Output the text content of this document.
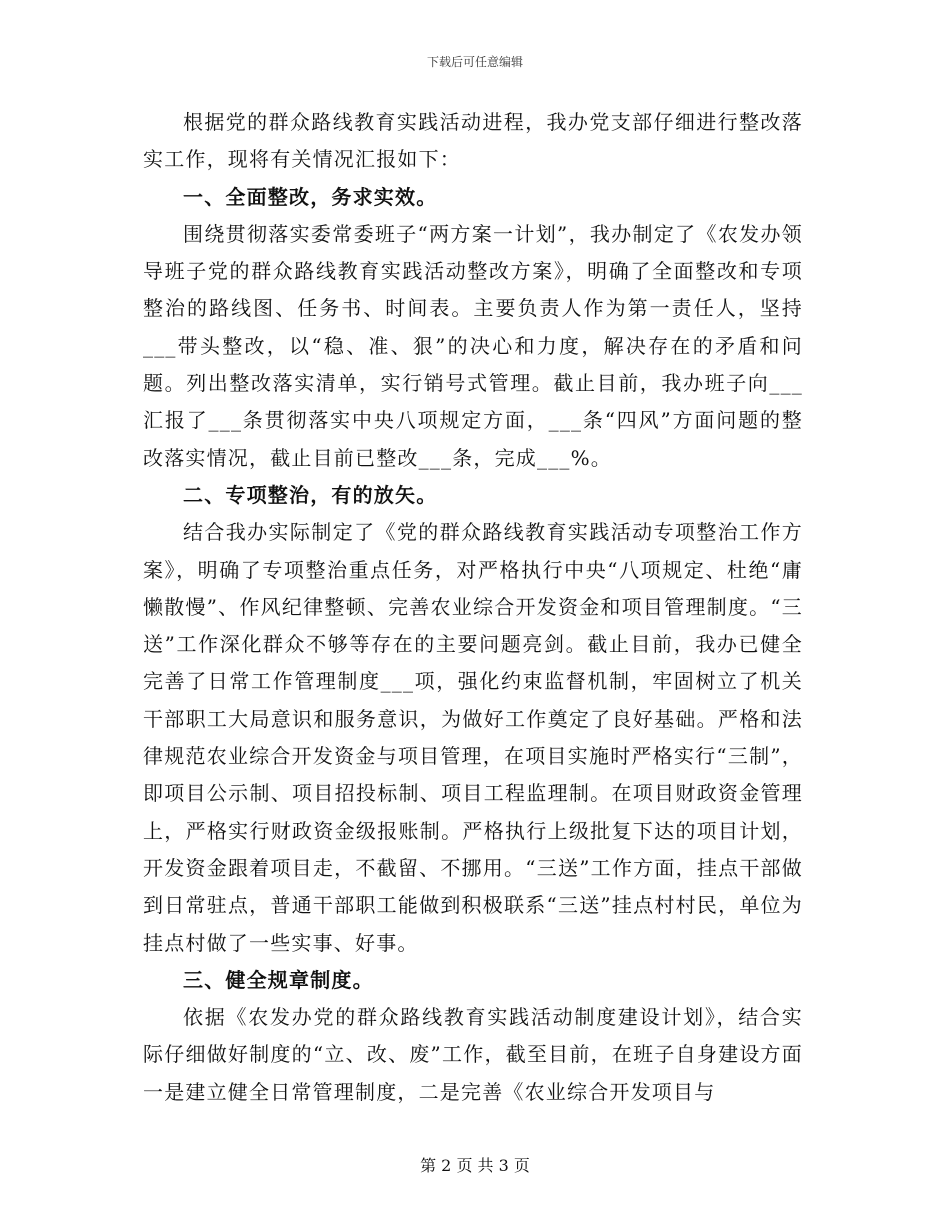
下载后可任意编辑

根据党的群众路线教育实践活动进程，我办党支部仔细进行整改落实工作，现将有关情况汇报如下：

一、全面整改，务求实效。

围绕贯彻落实委常委班子“两方案一计划”，我办制定了《农发办领导班子党的群众路线教育实践活动整改方案》，明确了全面整改和专项整治的路线图、任务书、时间表。主要负责人作为第一责任人，坚持___带头整改，以“稳、准、狠”的决心和力度，解决存在的矛盾和问题。列出整改落实清单，实行销号式管理。截止目前，我办班子向___汇报了___条贯彻落实中央八项规定方面，___条“四风”方面问题的整改落实情况，截止目前已整改___条，完成___%。

二、专项整治，有的放矢。

结合我办实际制定了《党的群众路线教育实践活动专项整治工作方案》，明确了专项整治重点任务，对严格执行中央“八项规定、杜绝“庸懒散慢”、作风纪律整顿、完善农业综合开发资金和项目管理制度。“三送”工作深化群众不够等存在的主要问题亮剑。截止目前，我办已健全完善了日常工作管理制度___项，强化约束监督机制，牢固树立了机关干部职工大局意识和服务意识，为做好工作奠定了良好基础。严格和法律规范农业综合开发资金与项目管理，在项目实施时严格实行“三制”，即项目公示制、项目招投标制、项目工程监理制。在项目财政资金管理上，严格实行财政资金级报账制。严格执行上级批复下达的项目计划，开发资金跟着项目走，不截留、不挪用。“三送”工作方面，挂点干部做到日常驻点，普通干部职工能做到积极联系“三送”挂点村村民，单位为挂点村做了一些实事、好事。

三、健全规章制度。

依据《农发办党的群众路线教育实践活动制度建设计划》，结合实际仔细做好制度的“立、改、废”工作，截至目前，在班子自身建设方面一是建立健全日常管理制度，二是完善《农业综合开发项目与

第 2 页 共 3 页
